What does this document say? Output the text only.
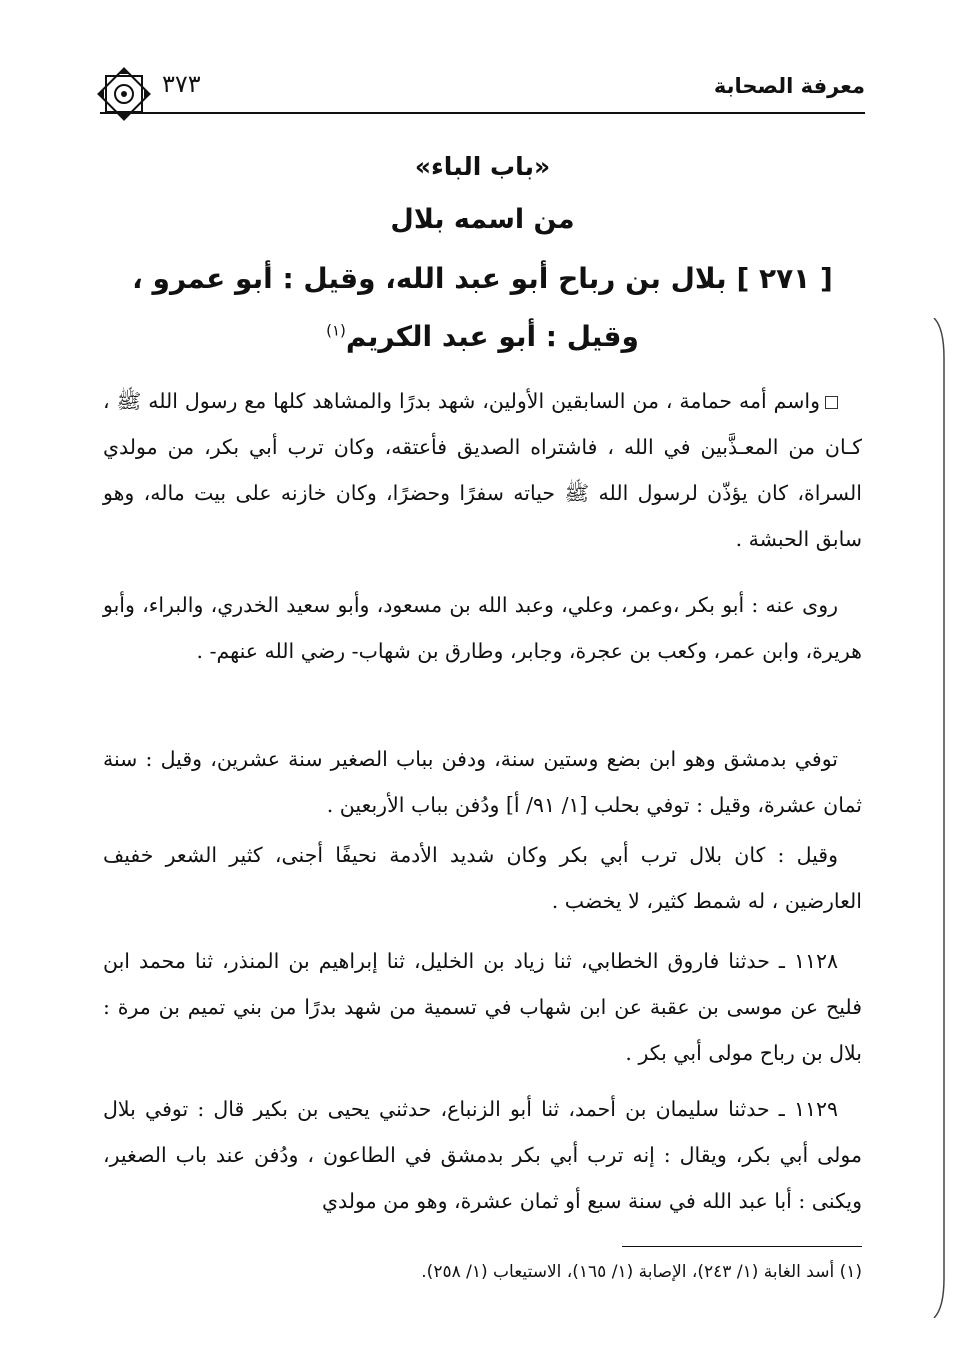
معرفة الصحابة
٣٧٣
«باب الباء»
من اسمه بلال
[ ٢٧١ ] بلال بن رباح أبو عبد الله، وقيل : أبو عمرو ،
وقيل : أبو عبد الكريم$^{(١)}$

واسم أمه حمامة ، من السابقين الأولين، شهد بدرًا والمشاهد كلها مع رسول الله ﷺ ، كـان من المعـذَّبين في الله ، فاشتراه الصديق فأعتقه، وكان ترب أبي بكر، من مولدي السراة، كان يؤذّن لرسول الله ﷺ حياته سفرًا وحضرًا، وكان خازنه على بيت ماله، وهو سابق الحبشة .

روى عنه : أبو بكر ،وعمر، وعلي، وعبد الله بن مسعود، وأبو سعيد الخدري، والبراء، وأبو هريرة، وابن عمر، وكعب بن عجرة، وجابر، وطارق بن شهاب- رضي الله عنهم- .

توفي بدمشق وهو ابن بضع وستين سنة، ودفن بباب الصغير سنة عشرين، وقيل : سنة ثمان عشرة، وقيل : توفي بحلب [١/ ٩١/ أ] ودُفن بباب الأربعين .

وقيل : كان بلال ترب أبي بكر وكان شديد الأدمة نحيفًا أجنى، كثير الشعر خفيف العارضين ، له شمط كثير، لا يخضب .

١١٢٨ ـ حدثنا فاروق الخطابي، ثنا زياد بن الخليل، ثنا إبراهيم بن المنذر، ثنا محمد ابن فليح عن موسى بن عقبة عن ابن شهاب في تسمية من شهد بدرًا من بني تميم بن مرة : بلال بن رباح مولى أبي بكر .

١١٢٩ ـ حدثنا سليمان بن أحمد، ثنا أبو الزنباع، حدثني يحيى بن بكير قال : توفي بلال مولى أبي بكر، ويقال : إنه ترب أبي بكر بدمشق في الطاعون ، ودُفن عند باب الصغير، ويكنى : أبا عبد الله في سنة سبع أو ثمان عشرة، وهو من مولدي

(١) أسد الغابة (١/ ٢٤٣)، الإصابة (١/ ١٦٥)، الاستيعاب (١/ ٢٥٨).
